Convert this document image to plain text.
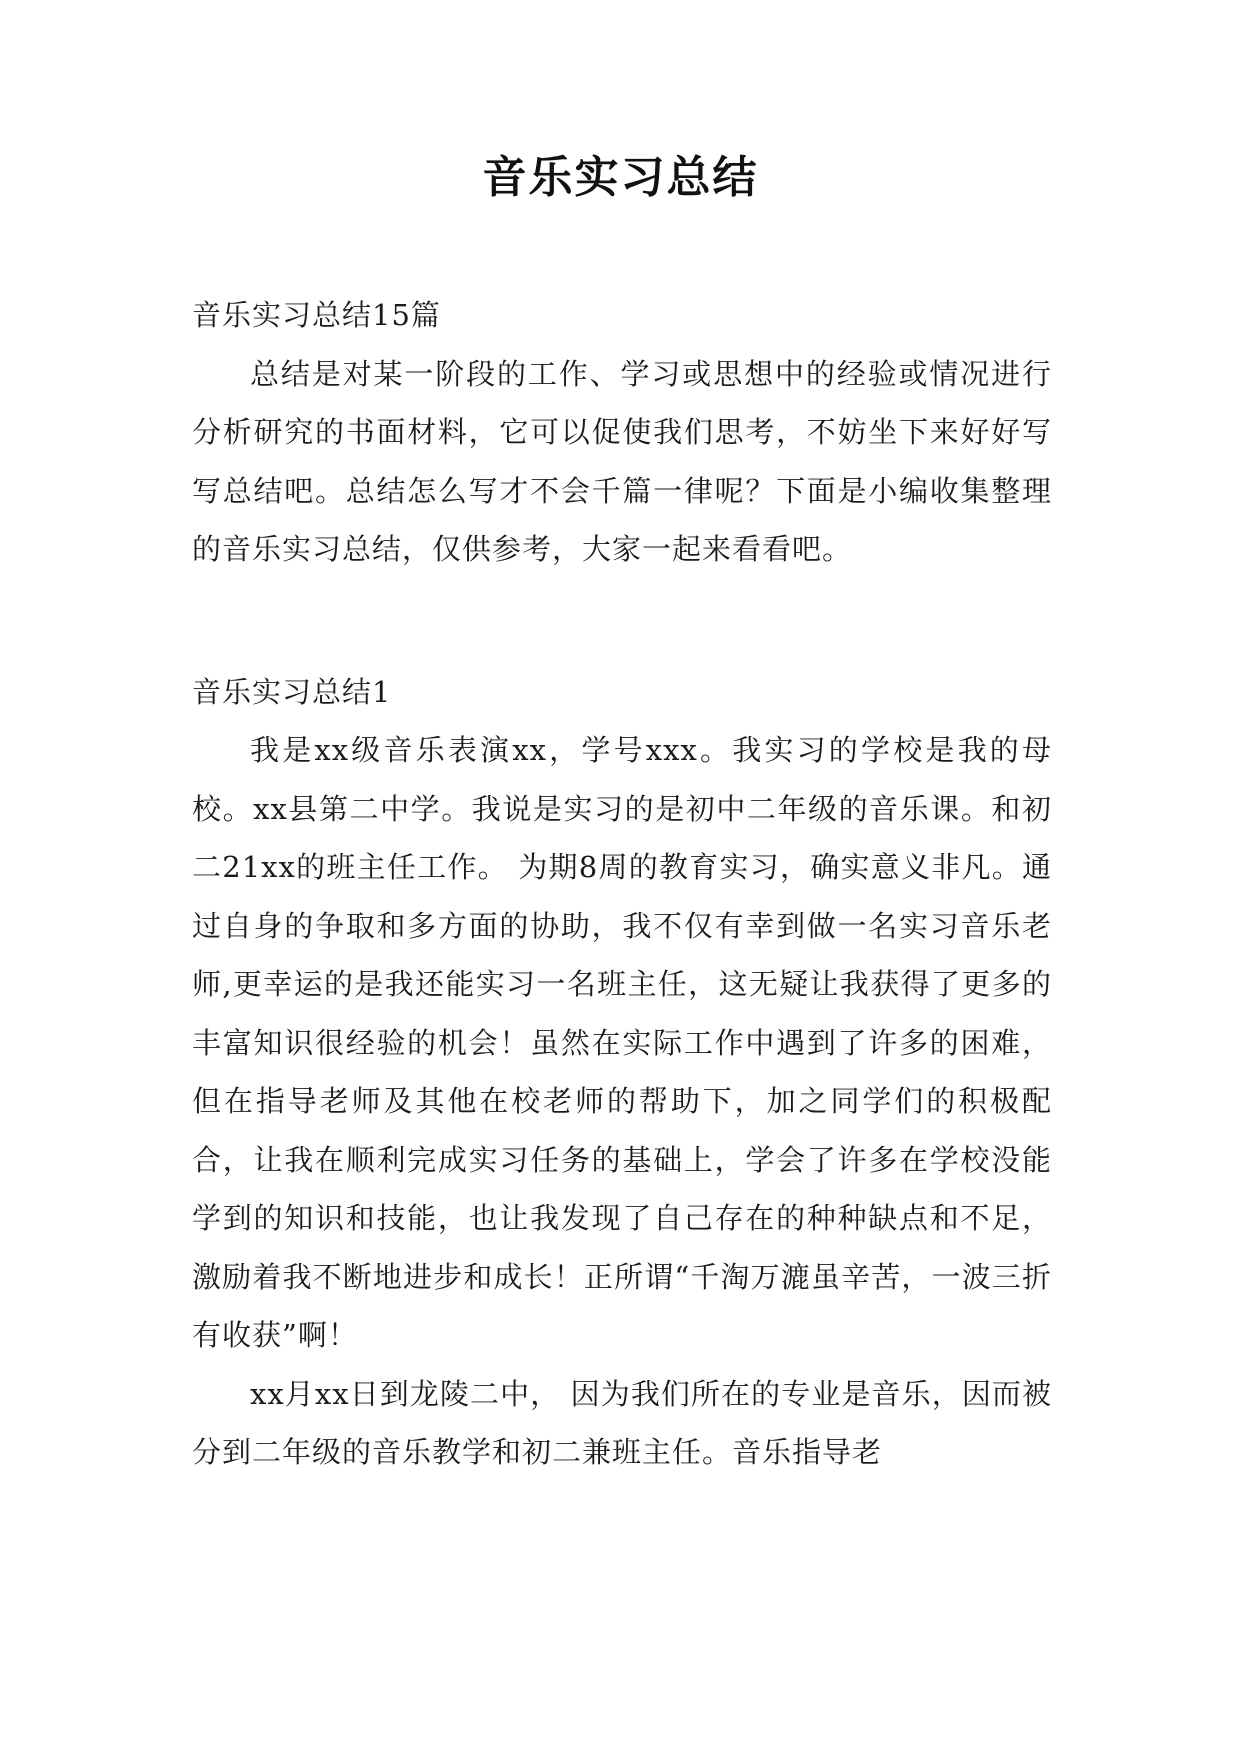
音乐实习总结

音乐实习总结15篇

总结是对某一阶段的工作、学习或思想中的经验或情况进行分析研究的书面材料，它可以促使我们思考，不妨坐下来好好写写总结吧。总结怎么写才不会千篇一律呢？下面是小编收集整理的音乐实习总结，仅供参考，大家一起来看看吧。

音乐实习总结1

我是xx级音乐表演xx，学号xxx。我实习的学校是我的母校。xx县第二中学。我说是实习的是初中二年级的音乐课。和初二21xx的班主任工作。 为期8周的教育实习，确实意义非凡。通过自身的争取和多方面的协助，我不仅有幸到做一名实习音乐老师,更幸运的是我还能实习一名班主任，这无疑让我获得了更多的丰富知识很经验的机会！虽然在实际工作中遇到了许多的困难，但在指导老师及其他在校老师的帮助下，加之同学们的积极配合，让我在顺利完成实习任务的基础上，学会了许多在学校没能学到的知识和技能，也让我发现了自己存在的种种缺点和不足，激励着我不断地进步和成长！正所谓“千淘万漉虽辛苦，一波三折有收获”啊！

xx月xx日到龙陵二中， 因为我们所在的专业是音乐，因而被分到二年级的音乐教学和初二兼班主任。音乐指导老
